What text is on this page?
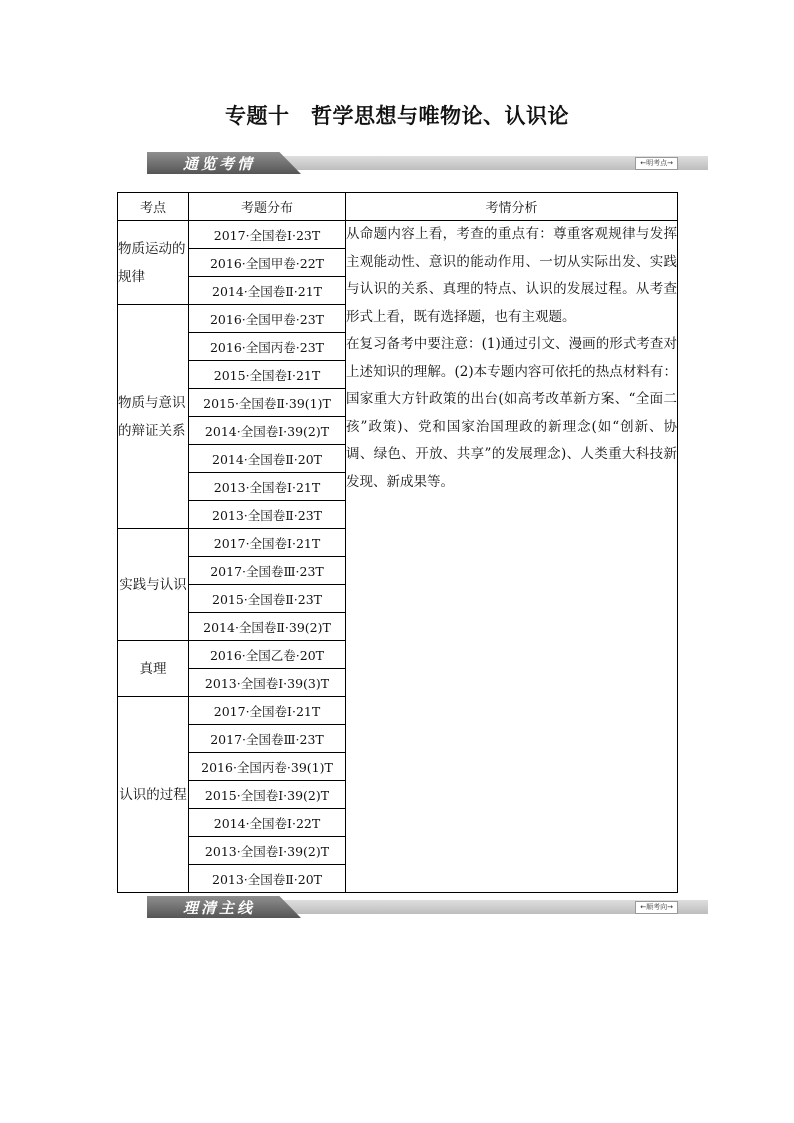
专题十　哲学思想与唯物论、认识论
通览考情	←明考点→
考点	考题分布	考情分析
物质运动的规律	2017·全国卷Ⅰ·23T	从命题内容上看，考查的重点有：尊重客观规律与发挥主观能动性、意识的能动作用、一切从实际出发、实践与认识的关系、真理的特点、认识的发展过程。从考查形式上看，既有选择题，也有主观题。

在复习备考中要注意：(1)通过引文、漫画的形式考查对上述知识的理解。(2)本专题内容可依托的热点材料有：国家重大方针政策的出台(如高考改革新方案、“全面二孩”政策)、党和国家治国理政的新理念(如“创新、协调、绿色、开放、共享”的发展理念)、人类重大科技新发现、新成果等。

	2016·全国甲卷·22T	
	2014·全国卷Ⅱ·21T	
物质与意识的辩证关系	2016·全国甲卷·23T	
	2016·全国丙卷·23T	
	2015·全国卷Ⅰ·21T	
	2015·全国卷Ⅱ·39(1)T	
	2014·全国卷Ⅰ·39(2)T	
	2014·全国卷Ⅱ·20T	
	2013·全国卷Ⅰ·21T	
	2013·全国卷Ⅱ·23T	
实践与认识	2017·全国卷Ⅰ·21T	
	2017·全国卷Ⅲ·23T	
	2015·全国卷Ⅱ·23T	
	2014·全国卷Ⅱ·39(2)T	
真理	2016·全国乙卷·20T	
	2013·全国卷Ⅰ·39(3)T	
认识的过程	2017·全国卷Ⅰ·21T	
	2017·全国卷Ⅲ·23T	
	2016·全国丙卷·39(1)T	
	2015·全国卷Ⅰ·39(2)T	
	2014·全国卷Ⅰ·22T	
	2013·全国卷Ⅰ·39(2)T	
	2013·全国卷Ⅱ·20T	
理清主线	←顺考向→
